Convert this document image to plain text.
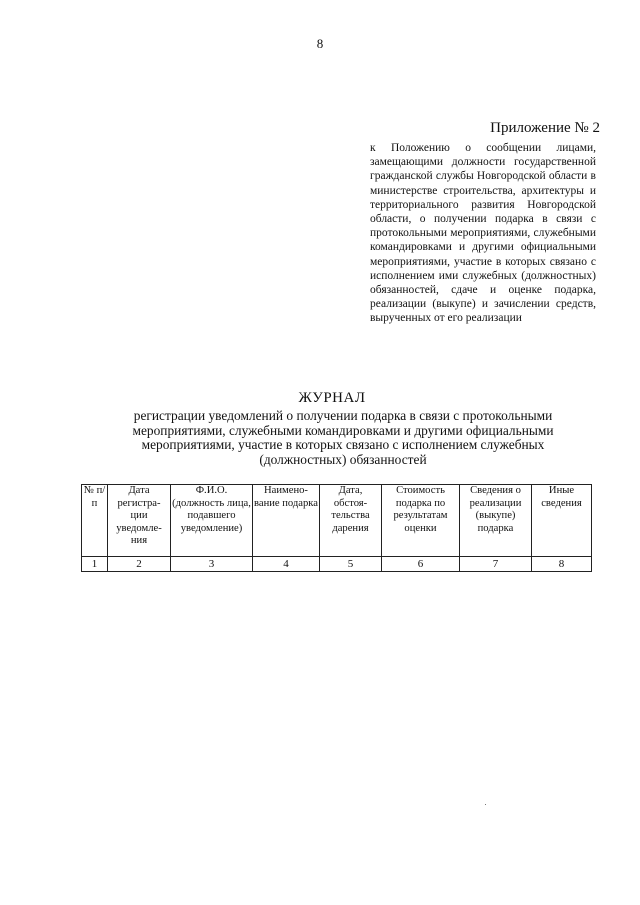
8
Приложение № 2
к Положению о сообщении лицами, замещающими должности государственной гражданской службы Новгородской области в министерстве строительства, архитектуры и территориального развития Новгородской области, о получении подарка в связи с протокольными мероприятиями, служебными командировками и другими официальными мероприятиями, участие в которых связано с исполнением ими служебных (должностных) обязанностей, сдаче и оценке подарка, реализации (выкупе) и зачислении средств, вырученных от его реализации
ЖУРНАЛ
регистрации уведомлений о получении подарка в связи с протокольными мероприятиями, служебными командировками и другими официальными мероприятиями, участие в которых связано с исполнением служебных (должностных) обязанностей
№ п/ п	Дата регистра- ции уведомле- ния	Ф.И.О. (должность лица, подавшего уведомление)	Наимено- вание подарка	Дата, обстоя- тельства дарения	Стоимость подарка по результатам оценки	Сведения о реализации (выкупе) подарка	Иные сведения
1	2	3	4	5	6	7	8
